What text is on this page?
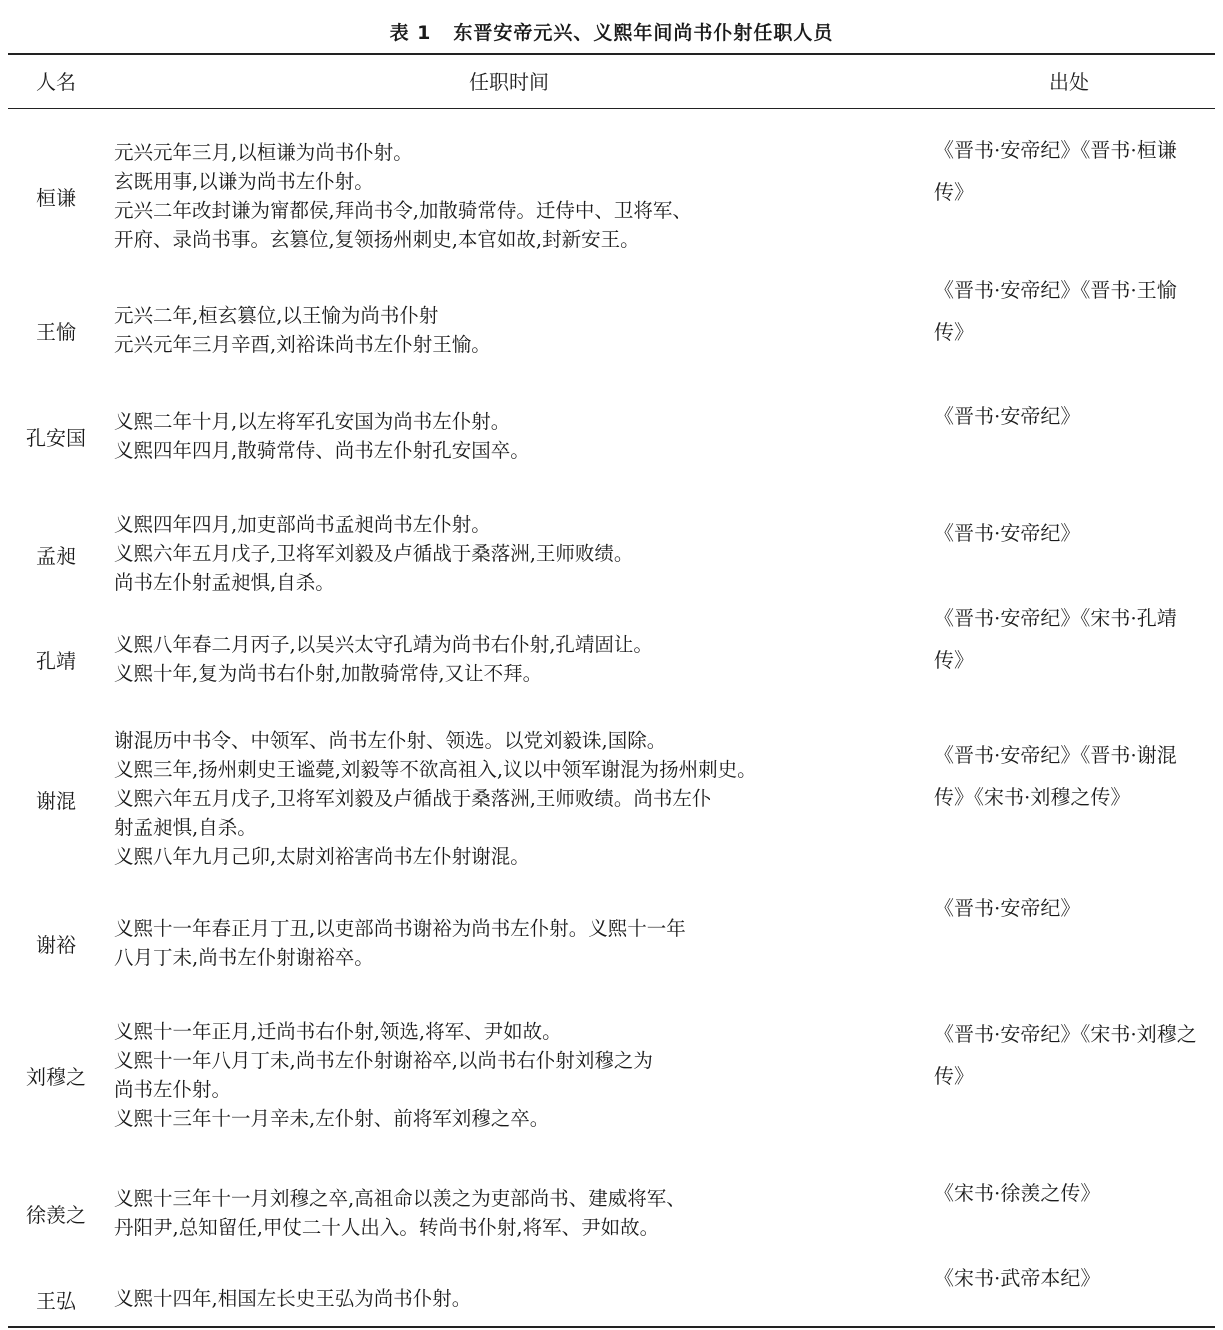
表 1 东晋安帝元兴、义熙年间尚书仆射任职人员
人名	任职时间	出处
元兴元年三月,以桓谦为尚书仆射。
玄既用事,以谦为尚书左仆射。
元兴二年改封谦为甯都侯,拜尚书令,加散骑常侍。迁侍中、卫将军、
开府、录尚书事。玄篡位,复领扬州刺史,本官如故,封新安王。
桓谦
《晋书·安帝纪》《晋书·桓谦传》
元兴二年,桓玄篡位,以王愉为尚书仆射
元兴元年三月辛酉,刘裕诛尚书左仆射王愉。
王愉
《晋书·安帝纪》《晋书·王愉传》
义熙二年十月,以左将军孔安国为尚书左仆射。
义熙四年四月,散骑常侍、尚书左仆射孔安国卒。
孔安国
《晋书·安帝纪》
义熙四年四月,加吏部尚书孟昶尚书左仆射。
义熙六年五月戊子,卫将军刘毅及卢循战于桑落洲,王师败绩。
尚书左仆射孟昶惧,自杀。
孟昶
《晋书·安帝纪》
义熙八年春二月丙子,以吴兴太守孔靖为尚书右仆射,孔靖固让。
义熙十年,复为尚书右仆射,加散骑常侍,又让不拜。
孔靖
《晋书·安帝纪》《宋书·孔靖传》
谢混历中书令、中领军、尚书左仆射、领选。以党刘毅诛,国除。
义熙三年,扬州刺史王谧薨,刘毅等不欲高祖入,议以中领军谢混为扬州刺史。
义熙六年五月戊子,卫将军刘毅及卢循战于桑落洲,王师败绩。尚书左仆
射孟昶惧,自杀。
义熙八年九月己卯,太尉刘裕害尚书左仆射谢混。
谢混
《晋书·安帝纪》《晋书·谢混传》《宋书·刘穆之传》
义熙十一年春正月丁丑,以吏部尚书谢裕为尚书左仆射。义熙十一年
八月丁未,尚书左仆射谢裕卒。
谢裕
《晋书·安帝纪》
义熙十一年正月,迁尚书右仆射,领选,将军、尹如故。
义熙十一年八月丁未,尚书左仆射谢裕卒,以尚书右仆射刘穆之为
尚书左仆射。
义熙十三年十一月辛未,左仆射、前将军刘穆之卒。
刘穆之
《晋书·安帝纪》《宋书·刘穆之传》
义熙十三年十一月刘穆之卒,高祖命以羡之为吏部尚书、建威将军、
丹阳尹,总知留任,甲仗二十人出入。转尚书仆射,将军、尹如故。
徐羡之
《宋书·徐羡之传》
义熙十四年,相国左长史王弘为尚书仆射。
王弘
《宋书·武帝本纪》
